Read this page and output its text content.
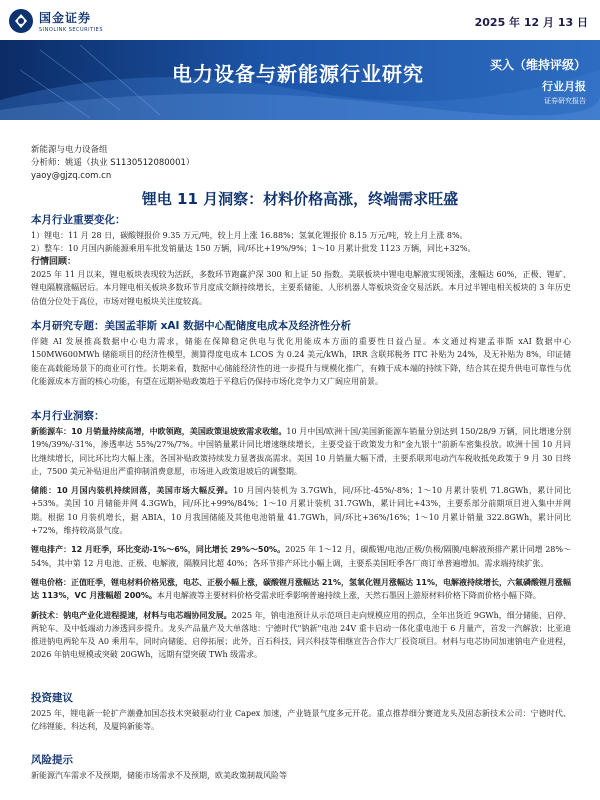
国金证券
SINOLINK SECURITIES
2025 年 12 月 13 日
电力设备与新能源行业研究	买入（维持评级）
行业月报
证券研究报告
新能源与电力设备组
分析师：姚遥（执业 S1130512080001）
yaoy@gjzq.com.cn
锂电 11 月洞察：材料价格高涨，终端需求旺盛
本月行业重要变化：
1）锂电：11 月 28 日，碳酸锂报价 9.35 万元/吨，较上月上涨 16.88%；氢氧化锂报价 8.15 万元/吨，较上月上涨 8%。
2）整车：10 月国内新能源乘用车批发销量达 150 万辆，同/环比+19%/9%；1～10 月累计批发 1123 万辆，同比+32%。
行情回顾：
2025 年 11 月以来，锂电板块表现较为活跃，多数环节跑赢沪深 300 和上证 50 指数。美联板块中锂电电解液实现领涨，涨幅达 60%，正极、锂矿、锂电隔膜涨幅居后。本月锂电相关板块多数环节月度成交额持续增长，主要系储能、人形机器人等板块资金交易活跃。本月过半锂电相关板块的 3 年历史估值分位处于高位，市场对锂电板块关注度较高。
本月研究专题：美国孟菲斯 xAI 数据中心配储度电成本及经济性分析
伴随 AI 发展推高数据中心电力需求，储能在保障稳定供电与优化用能成本方面的重要性日益凸显。本文通过构建孟菲斯 xAI 数据中心 150MW600MWh 储能项目的经济性模型，测算得度电成本 LCOS 为 0.24 美元/kWh，IRR 含联邦税务 ITC 补贴为 24%，及无补贴为 8%，印证储能在高载能场景下的商业可行性。长期来看，数据中心储能经济性的进一步提升与规模化推广，有赖于成本端的持续下降，结合其在提升供电可靠性与优化能源成本方面的核心功能，有望在远期补贴政策趋于平稳后仍保持市场化竞争力又广阔应用前景。
本月行业洞察：
新能源车：10 月销量持续高增，中欧领跑，美国政策退坡致需求收缩。10 月中国/欧洲十国/美国新能源车销量分别达到 150/28/9 万辆，同比增速分别 19%/39%/-31%，渗透率达 55%/27%/7%。中国销量累计同比增速继续增长，主要受益于政策发力和"金九银十"前新车密集投放。欧洲十国 10 月同比继续增长，同比环比均大幅上涨，各国补贴政策持续发力显著拔高需求。美国 10 月销量大幅下滑，主要系联邦电动汽车税收抵免政策于 9 月 30 日终止，7500 美元补贴退出严重抑制消费意愿，市场进入政策退坡后的调整期。
储能：10 月国内装机持续回落，美国市场大幅反弹。10 月国内装机为 3.7GWh，同/环比-45%/-8%；1～10 月累计装机 71.8GWh，累计同比+53%。美国 10 月储能并网 4.3GWh，同/环比+99%/84%；1～10 月累计装机 31.7GWh，累计同比+43%，主要系部分前期项目进入集中并网期。根据 10 月装机增长，据 ABIA，10 月我国储能及其他电池销量 41.7GWh，同/环比+36%/16%；1～10 月累计销量 322.8GWh，累计同比+72%，维持较高景气度。
锂电排产：12 月旺季，环比变动-1%～6%，同比增长 29%～50%。2025 年 1～12 月，碳酸锂/电池/正极/负极/隔膜/电解液预排产累计同增 28%～54%，其中第 12 月电池、正极、电解液，隔膜同比超 40%；各环节排产环比小幅上调，主要系美国旺季各厂商订单普遍增加。需求端持续扩张。
锂电价格：正值旺季，锂电材料价格见涨，电芯、正极小幅上涨，碳酸锂月涨幅达 21%，氢氧化锂月涨幅达 11%，电解液持续增长，六氟磷酸锂月涨幅达 113%，VC 月涨幅超 200%。本月电解液等主要材料价格受需求旺季影响普遍持续上涨，天然石墨因上游原材料价格下降而价格小幅下降。
新技术：钠电产业化进程提速，材料与电芯端协同发展。2025 年，钠电池预计从示范项目走向规模应用的拐点，全年出货近 9GWh，细分储能、启停、两轮车、及中低端动力渗透同步提升。龙头产品量产及大单落地：宁德时代"钠新"电池 24V 重卡启动一体化重电池于 6 月量产，首发一汽解放；比亚迪推进钠电两轮车及 A0 乘用车，同时向储能、启停拓展；此外，百石科技、同兴科技等相继宣告合作大厂投资项目。材料与电芯协同加速钠电产业进程，2026 年钠电规模或突破 20GWh，远期有望突破 TWh 级需求。
投资建议
2025 年，锂电新一轮扩产潮叠加国态技术突破驱动行业 Capex 加速，产业链景气度多元开花。重点推荐细分赛道龙头及固态新技术公司：宁德时代、亿纬锂能、科达利，及厦钨新能等。
风险提示
新能源汽车需求不及预期，储能市场需求不及预期，欧美政策制裁风险等
